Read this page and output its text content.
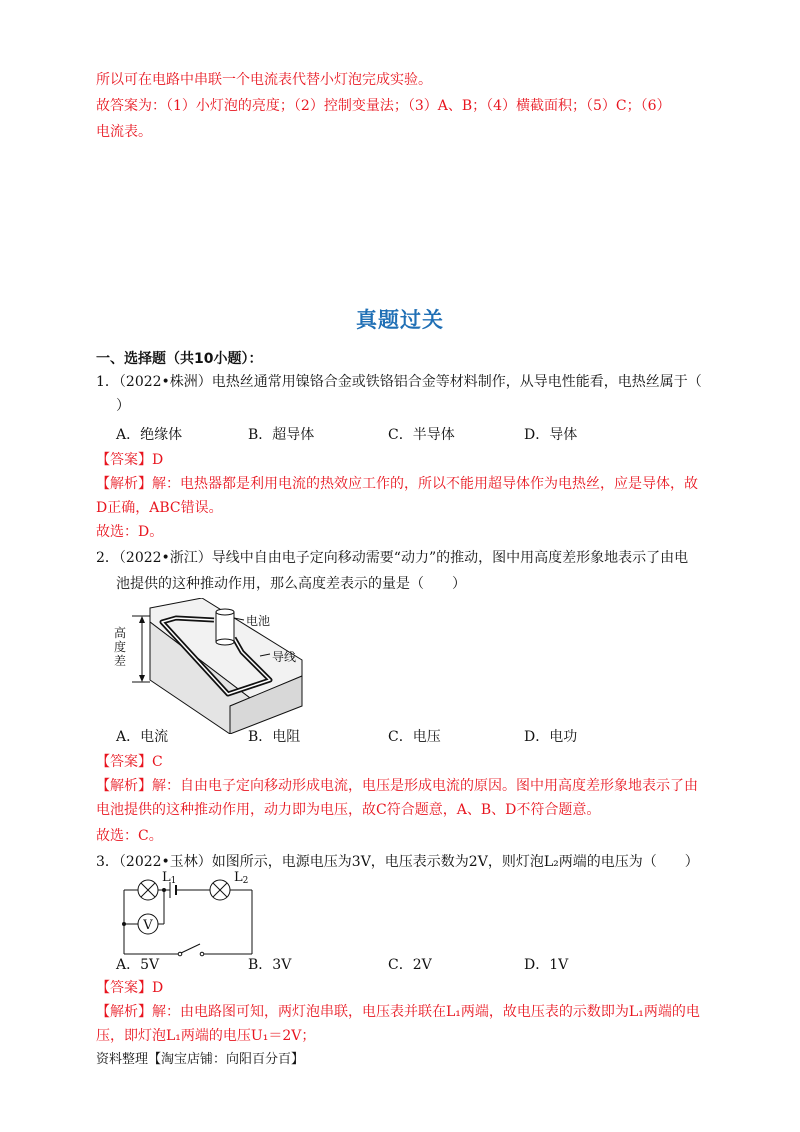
所以可在电路中串联一个电流表代替小灯泡完成实验。
故答案为：（1）小灯泡的亮度；（2）控制变量法；（3）A、B；（4）横截面积；（5）C；（6）
电流表。
真题过关
一、选择题（共10小题）：
1．（2022•株洲）电热丝通常用镍铬合金或铁铬铝合金等材料制作，从导电性能看，电热丝属于（
）
A．绝缘体	B．超导体	C．半导体	D．导体
【答案】D
【解析】解：电热器都是利用电流的热效应工作的，所以不能用超导体作为电热丝，应是导体，故
D正确，ABC错误。
故选：D。
2．（2022•浙江）导线中自由电子定向移动需要“动力”的推动，图中用高度差形象地表示了由电
池提供的这种推动作用，那么高度差表示的量是（　　）
高度差
电池
导线
A．电流	B．电阻	C．电压	D．电功
【答案】C
【解析】解：自由电子定向移动形成电流，电压是形成电流的原因。图中用高度差形象地表示了由
电池提供的这种推动作用，动力即为电压，故C符合题意，A、B、D不符合题意。
故选：C。
3．（2022•玉林）如图所示，电源电压为3V，电压表示数为2V，则灯泡L₂两端的电压为（　　）
V
$L_1$	$L_2$
A．5V	B．3V	C．2V	D．1V
【答案】D
【解析】解：由电路图可知，两灯泡串联，电压表并联在L₁两端，故电压表的示数即为L₁两端的电
压，即灯泡L₁两端的电压U₁＝2V；
资料整理【淘宝店铺：向阳百分百】
